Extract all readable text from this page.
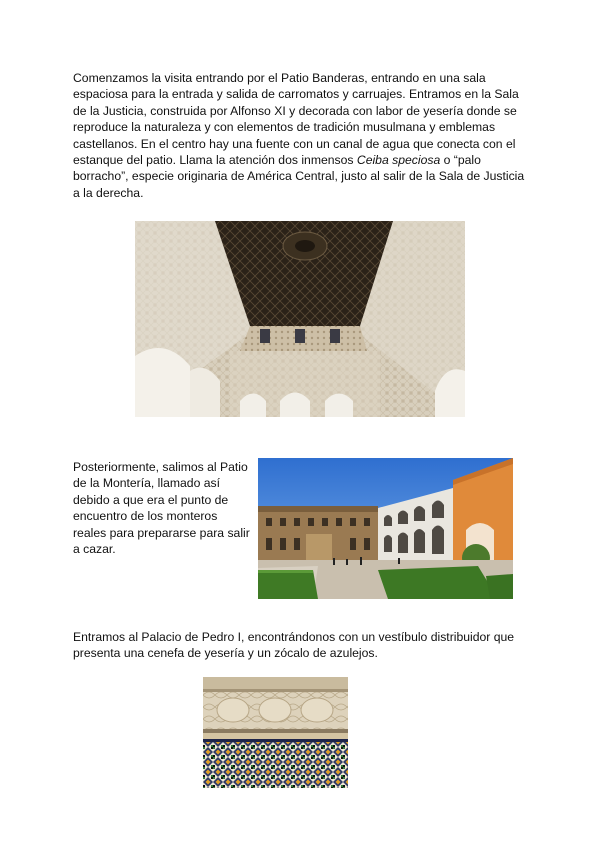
Comenzamos la visita entrando por el Patio Banderas, entrando en una sala espaciosa para la entrada y salida de carromatos y carruajes. Entramos en la Sala de la Justicia, construida por Alfonso XI y decorada con labor de yesería donde se reproduce la naturaleza y con elementos de tradición musulmana y emblemas castellanos. En el centro hay una fuente con un canal de agua que conecta con el estanque del patio. Llama la atención dos inmensos Ceiba speciosa o “palo borracho”, especie originaria de América Central, justo al salir de la Sala de Justicia a la derecha.

Posteriormente, salimos al Patio de la Montería, llamado así debido a que era el punto de encuentro de los monteros reales para prepararse para salir a cazar.

Entramos al Palacio de Pedro I, encontrándonos con un vestíbulo distribuidor que presenta una cenefa de yesería y un zócalo de azulejos.
